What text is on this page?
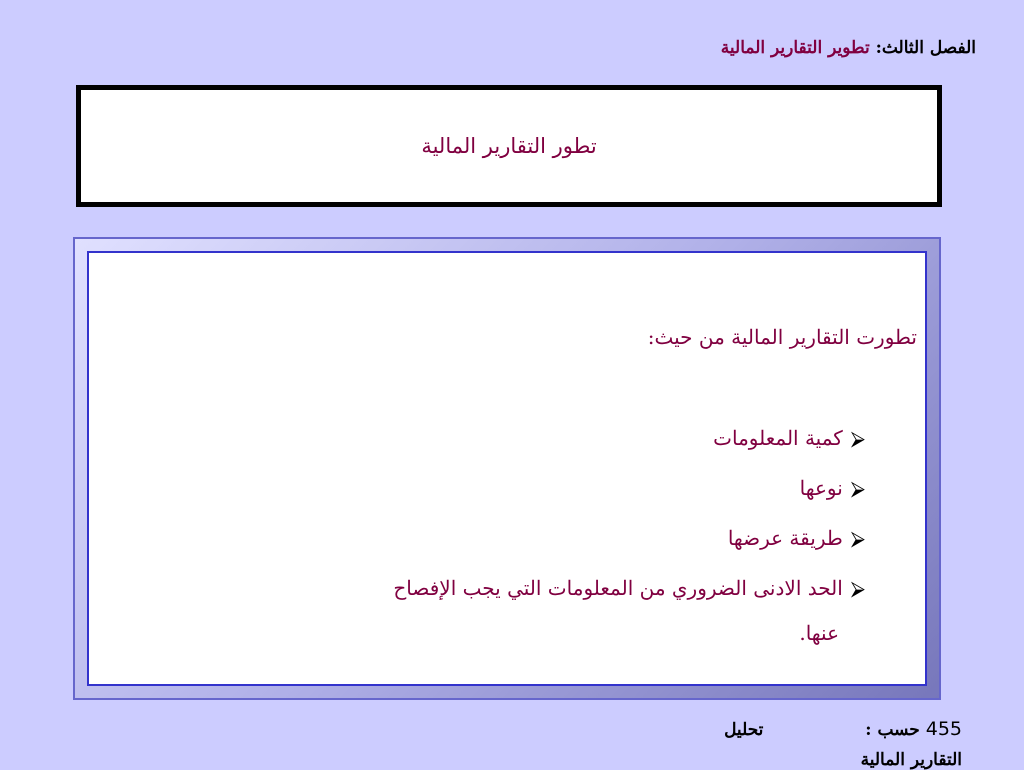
الفصل الثالث: تطوير التقارير المالية
تطور التقارير المالية
تطورت التقارير المالية من حيث:
⮚
كمية المعلومات
⮚
نوعها
⮚
طريقة عرضها
⮚
الحد الادنى الضروري من المعلومات التي يجب الإفصاح
عنها.
455 حسب :  تحليل
التقارير المالية
